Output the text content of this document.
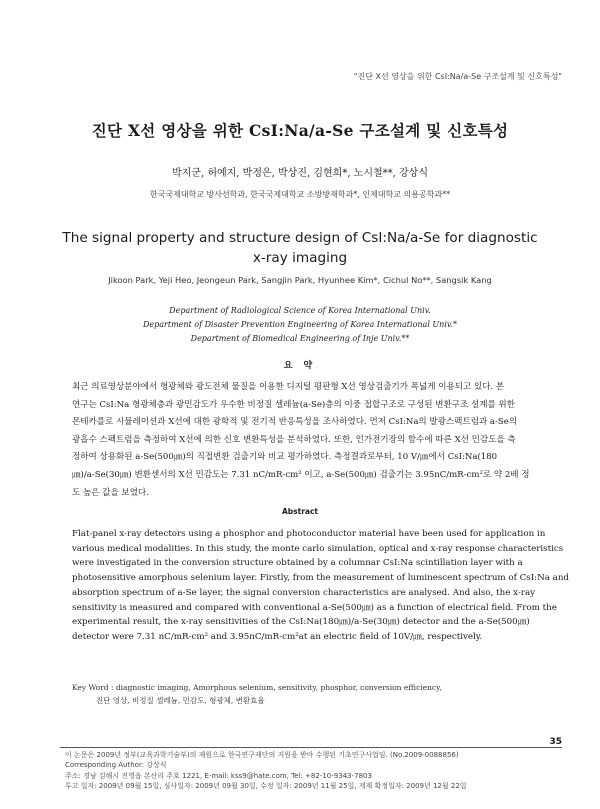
"진단 X선 영상을 위한 CsI:Na/a-Se 구조설계 및 신호특성"
진단 X선 영상을 위한 CsI:Na/a-Se 구조설계 및 신호특성
박지군, 허예지, 박정은, 박상진, 김현희*, 노시철**, 강상식
한국국제대학교 방사선학과, 한국국제대학교 소방방재학과*, 인제대학교 의용공학과**
The signal property and structure design of CsI:Na/a-Se for diagnostic
x-ray imaging
Jikoon Park, Yeji Heo, Jeongeun Park, Sangjin Park, Hyunhee Kim*, Cichul No**, Sangsik Kang
Department of Radiological Science of Korea International Univ.
Department of Disaster Prevention Engineering of Korea International Univ.*
Department of Biomedical Engineering of Inje Univ.**
요 약
최근 의료영상분야에서 형광체와 광도전체 물질을 이용한 디지털 평판형 X선 영상검출기가 폭넓게 이용되고 있다. 본
연구는 CsI:Na 형광체층과 광민감도가 우수한 비정질 셀레늄(a-Se)층의 이중 접합구조로 구성된 변환구조 설계를 위한
몬테카를로 시뮬레이션과 X선에 대한 광학적 및 전기적 반응특성을 조사하였다. 먼저 CsI:Na의 발광스펙트럼과 a-Se의
광흡수 스펙트럼을 측정하여 X선에 의한 신호 변환특성을 분석하였다. 또한, 인가전기장의 함수에 따른 X선 민감도을 측
정하여 상용화된 a-Se(500㎛)의 직접변환 검출기와 비교 평가하였다. 측정결과로부터, 10 V/㎛에서 CsI:Na(180
㎛)/a-Se(30㎛) 변환센서의 X선 민감도는 7.31 nC/mR-cm² 이고, a-Se(500㎛) 검출기는 3.95nC/mR-cm²로 약 2배 정
도 높은 값을 보였다.
Abstract
Flat-panel x-ray detectors using a phosphor and photoconductor material have been used for application in
various medical modalities. In this study, the monte carlo simulation, optical and x-ray response characteristics
were investigated in the conversion structure obtained by a columnar CsI:Na scintillation layer with a
photosensitive amorphous selenium layer. Firstly, from the measurement of luminescent spectrum of CsI:Na and
absorption spectrum of a-Se layer, the signal conversion characteristics are analysed. And also, the x-ray
sensitivity is measured and compared with conventional a-Se(500㎛) as a function of electrical field. From the
experimental result, the x-ray sensitivities of the CsI:Na(180㎛)/a-Se(30㎛) detector and the a-Se(500㎛)
detector were 7.31 nC/mR-cm² and 3.95nC/mR-cm²at an electric field of 10V/㎛, respectively.
Key Word : diagnostic imaging, Amorphous selenium, sensitivity, phosphor, conversion efficiency,
진단 영상, 비정질 셀레늄, 민감도, 형광체, 변환효율
35
이 논문은 2009년 정부(교육과학기술부)의 재원으로 한국연구재단의 지원을 받아 수행된 기초연구사업임. (No.2009-0088856)
Corresponding Author: 강상식
주소: 경남 김해시 진영읍 본산리 주호 1221, E-mail: kss9@hate.com, Tel: +82-10-9343-7803
투고 일자: 2009년 09월 15일, 심사일자: 2009년 09월 30일, 수정 일자: 2009년 11월 25일, 게재 확정일자: 2009년 12월 22일
